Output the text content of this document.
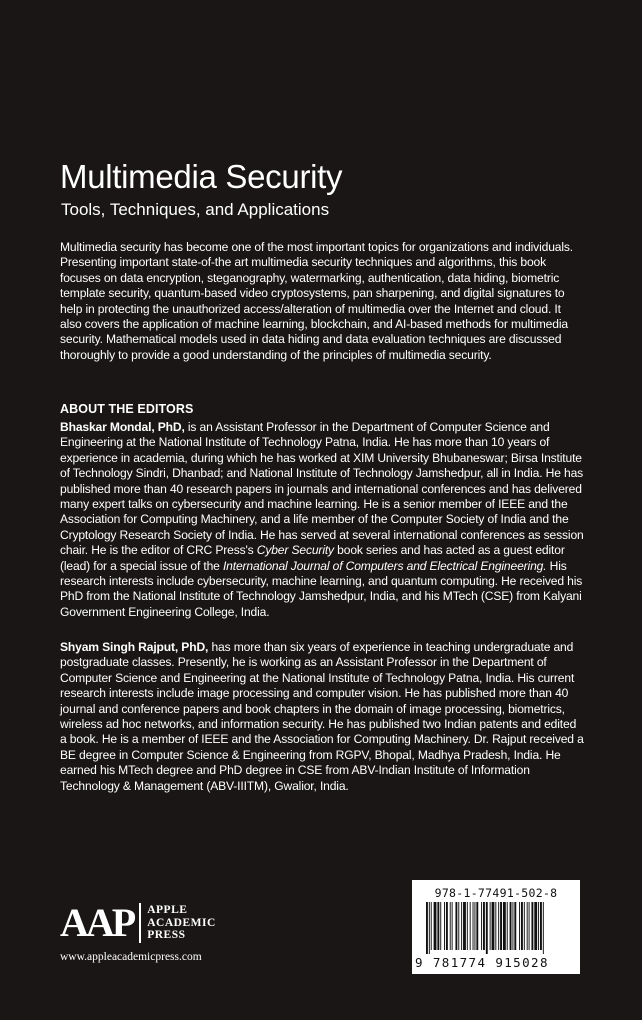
Multimedia Security
Tools, Techniques, and Applications

Multimedia security has become one of the most important topics for organizations and individuals. Presenting important state-of-the art multimedia security techniques and algorithms, this book focuses on data encryption, steganography, watermarking, authentication, data hiding, biometric template security, quantum-based video cryptosystems, pan sharpening, and digital signatures to help in protecting the unauthorized access/alteration of multimedia over the Internet and cloud. It also covers the application of machine learning, blockchain, and AI-based methods for multimedia security. Mathematical models used in data hiding and data evaluation techniques are discussed thoroughly to provide a good understanding of the principles of multimedia security.

ABOUT THE EDITORS

Bhaskar Mondal, PhD, is an Assistant Professor in the Department of Computer Science and Engineering at the National Institute of Technology Patna, India. He has more than 10 years of experience in academia, during which he has worked at XIM University Bhubaneswar; Birsa Institute of Technology Sindri, Dhanbad; and National Institute of Technology Jamshedpur, all in India. He has published more than 40 research papers in journals and international conferences and has delivered many expert talks on cybersecurity and machine learning. He is a senior member of IEEE and the Association for Computing Machinery, and a life member of the Computer Society of India and the Cryptology Research Society of India. He has served at several international conferences as session chair. He is the editor of CRC Press's Cyber Security book series and has acted as a guest editor (lead) for a special issue of the International Journal of Computers and Electrical Engineering. His research interests include cybersecurity, machine learning, and quantum computing. He received his PhD from the National Institute of Technology Jamshedpur, India, and his MTech (CSE) from Kalyani Government Engineering College, India.

Shyam Singh Rajput, PhD, has more than six years of experience in teaching undergraduate and postgraduate classes. Presently, he is working as an Assistant Professor in the Department of Computer Science and Engineering at the National Institute of Technology Patna, India. His current research interests include image processing and computer vision. He has published more than 40 journal and conference papers and book chapters in the domain of image processing, biometrics, wireless ad hoc networks, and information security. He has published two Indian patents and edited a book. He is a member of IEEE and the Association for Computing Machinery. Dr. Rajput received a BE degree in Computer Science & Engineering from RGPV, Bhopal, Madhya Pradesh, India. He earned his MTech degree and PhD degree in CSE from ABV-Indian Institute of Information Technology & Management (ABV-IIITM), Gwalior, India.

AAP APPLE
ACADEMIC
PRESS
www.appleacademicpress.com
978-1-77491-502-8
9 781774 915028
